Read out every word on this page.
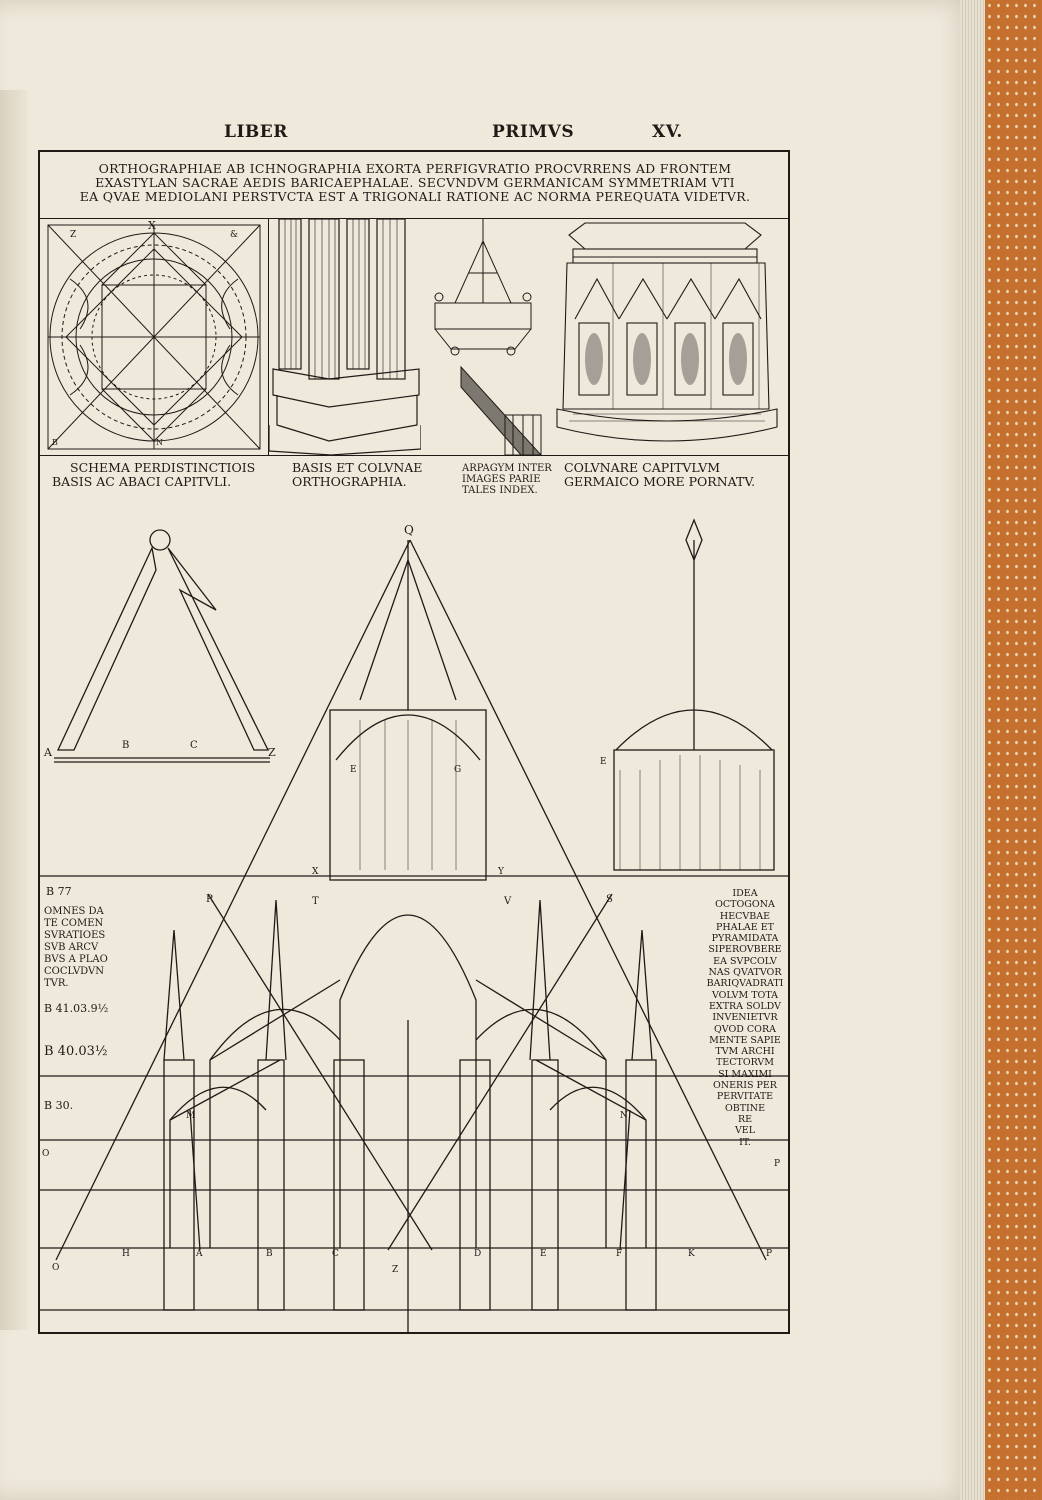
LIBER	PRIMVS	XV.
ORTHOGRAPHIAE AB ICHNOGRAPHIA EXORTA PERFIGVRATIO PROCVRRENS AD FRONTEM
EXASTYLAN SACRAE AEDIS BARICAEPHALAE. SECVNDVM GERMANICAM SYMMETRIAM VTI
EA QVAE MEDIOLANI PERSTVCTA EST A TRIGONALI RATIONE AC NORMA PEREQUATA VIDETVR.
X
Z	&
B	N
SCHEMA PERDISTINCTIOIS
BASIS AC ABACI CAPITVLI.
BASIS ET COLVNAE
ORTHOGRAPHIA.
ARPAGYM INTER
IMAGES PARIE
TALES INDEX.
COLVNARE CAPITVLVM
GERMAICO MORE PORNATV.
A
B	C
Z
Q
E	G
X	Y
R	T	V	S
M	N
O
P
E
O
H	A	B	C
Z
D	E	F	K	P
B 77
OMNES DA
TE COMEN
SVRATIOES
SVB ARCV
BVS A PLAO
COCLVDVN
TVR.
B 41.03.9½
B 40.03½
B 30.
IDEA
OCTOGONA
HECVBAE
PHALAE ET
PYRAMIDATA
SIPEROVBERE
EA SVPCOLV
NAS QVATVOR
BARIQVADRATI
VOLVM TOTA
EXTRA SOLDV
INVENIETVR
QVOD CORA
MENTE SAPIE
TVM ARCHI
TECTORVM
SI MAXIMI
ONERIS PER
PERVITATE
OBTINE
RE
VEL
IT.
